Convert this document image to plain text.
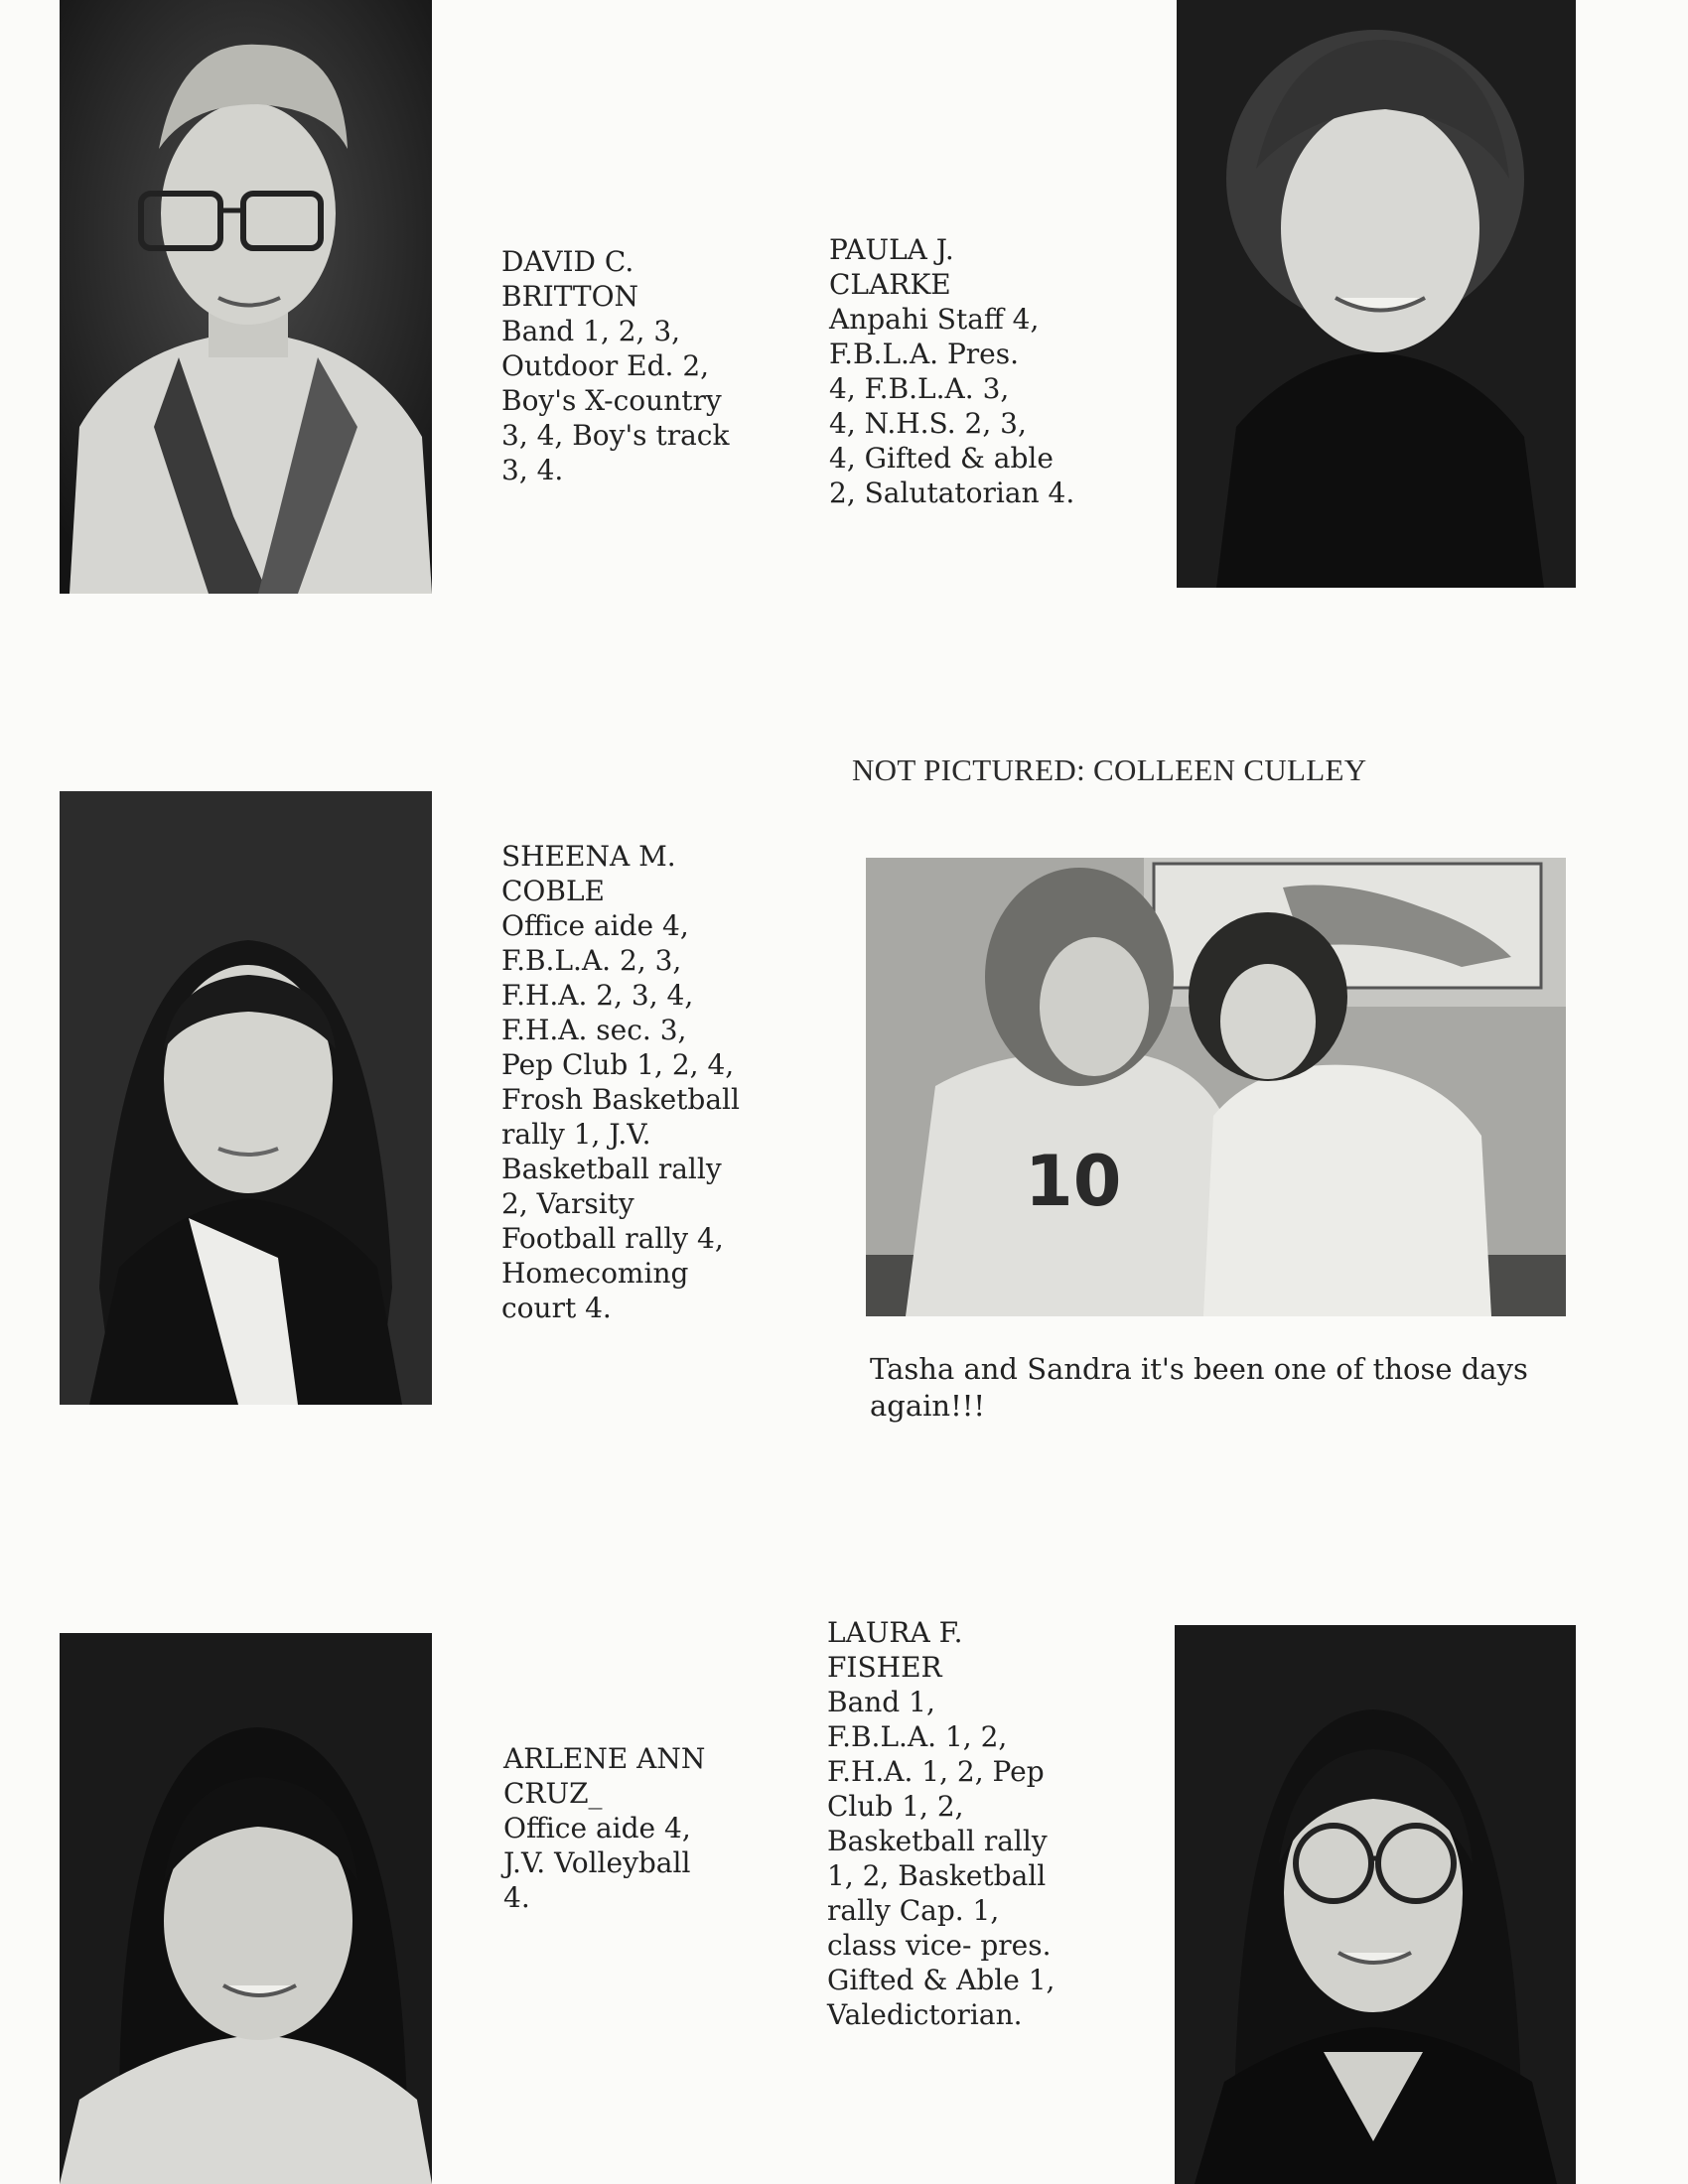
DAVID C.
BRITTON
Band 1, 2, 3,
Outdoor Ed. 2,
Boy's X-country
3, 4, Boy's track
3, 4.
PAULA J.
CLARKE
Anpahi Staff 4,
F.B.L.A. Pres.
4, F.B.L.A. 3,
4, N.H.S. 2, 3,
4, Gifted & able
2, Salutatorian 4.
SHEENA M.
COBLE
Office aide 4,
F.B.L.A. 2, 3,
F.H.A. 2, 3, 4,
F.H.A. sec. 3,
Pep Club 1, 2, 4,
Frosh Basketball
rally 1, J.V.
Basketball rally
2, Varsity
Football rally 4,
Homecoming
court 4.
NOT PICTURED: COLLEEN CULLEY
10
Tasha and Sandra it's been one of those days again!!!
ARLENE ANN
CRUZ_
Office aide 4,
J.V. Volleyball
4.
LAURA F.
FISHER
Band 1,
F.B.L.A. 1, 2,
F.H.A. 1, 2, Pep
Club 1, 2,
Basketball rally
1, 2, Basketball
rally Cap. 1,
class vice- pres.
Gifted & Able 1,
Valedictorian.
